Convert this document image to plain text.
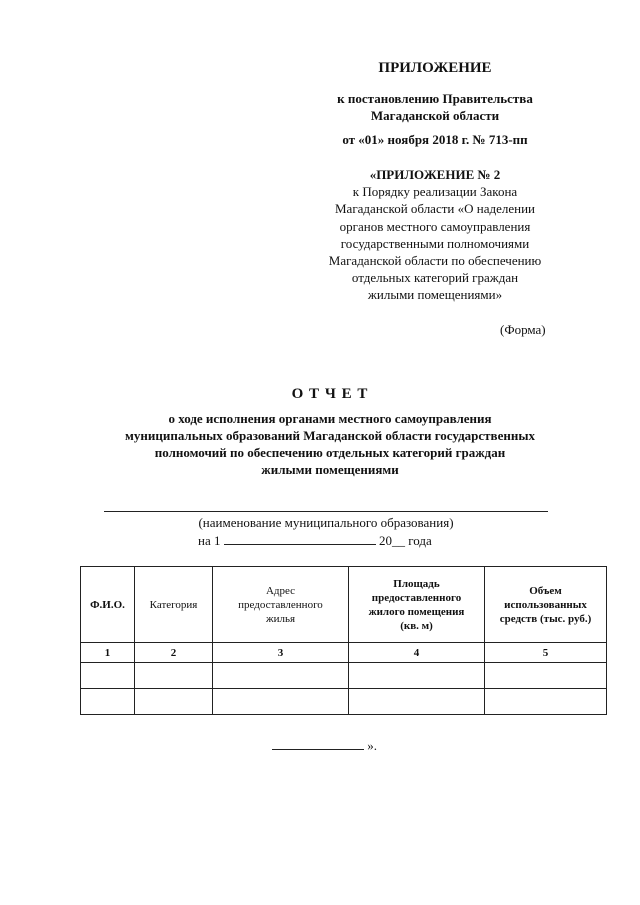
ПРИЛОЖЕНИЕ
к постановлению Правительства
Магаданской области
от «01» ноября 2018 г. № 713-пп
«ПРИЛОЖЕНИЕ № 2
к Порядку реализации Закона
Магаданской области «О наделении
органов местного самоуправления
государственными полномочиями
Магаданской области по обеспечению
отдельных категорий граждан
жилыми помещениями»
(Форма)
О Т Ч Е Т
о ходе исполнения органами местного самоуправления
муниципальных образований Магаданской области государственных
полномочий по обеспечению отдельных категорий граждан
жилыми помещениями
(наименование муниципального образования)
на 1	20__ года
Ф.И.О.	Категория	Адрес предоставленного жилья	Площадь предоставленного жилого помещения (кв. м)	Объем использованных средств (тыс. руб.)
1	2	3	4	5

».
